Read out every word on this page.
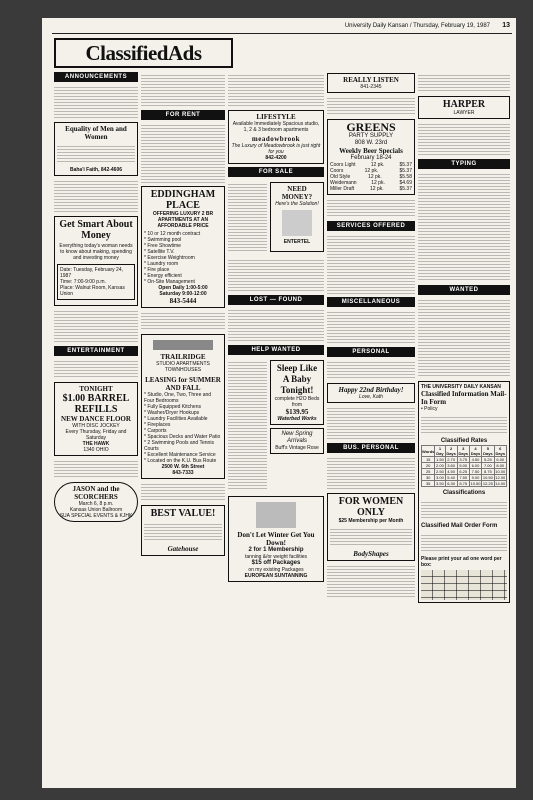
University Daily Kansan / Thursday, February 19, 1987 13
ClassifiedAds
ANNOUNCEMENTS
Equality of Men and Women
Baha'i Faith, 842-4606
Get Smart About Money
Everything today's woman needs to know about making, spending and investing money
Date: Tuesday, February 24, 1987
Time: 7:00-9:00 p.m.
Place: Walnut Room, Kansas Union
ENTERTAINMENT
TONIGHT
$1.00 BARREL REFILLS
NEW DANCE FLOOR
WITH DISC JOCKEY
Every Thursday, Friday and Saturday
THE HAWK
1340 OHIO
JASON and the SCORCHERS
March 6, 8 p.m.
Kansas Union Ballroom
SUA SPECIAL EVENTS & KJHK
FOR RENT
EDDINGHAM PLACE
OFFERING LUXURY 2 BR APARTMENTS AT AN AFFORDABLE PRICE
* 10 or 12 month contract
* Swimming pool
* Free Showtime
* Satellite T.V.
* Exercise Weightroom
* Laundry room
* Fire place
* Energy efficient
* On-Site Management
Open Daily 1:00-5:00
Saturday 9:00-12:00
843-5444
TRAILRIDGE
STUDIO APARTMENTS TOWNHOUSES
LEASING for SUMMER AND FALL
* Studio, One, Two, Three and Four Bedrooms
* Fully Equipped Kitchens
* Washer/Dryer Hookups
* Laundry Facilities Available
* Fireplaces
* Carports
* Spacious Decks and Water Patio
* 2 Swimming Pools and Tennis Courts
* Excellent Maintenance Service
* Located on the K.U. Bus Route
2500 W. 6th Street
843-7333
BEST VALUE!
Gatehouse
LIFESTYLE
Available Immediately Spacious studio, 1, 2 & 3 bedroom apartments
meadowbrook
The Luxury of Meadowbrook is just right for you
842-4200
FOR SALE
NEED MONEY?
Here's the Solution!
ENTERTEL
LOST — FOUND
HELP WANTED
Sleep Like A Baby Tonight!
complete H2O Beds from
$139.95
Waterbed Works
New Spring Arrivals
Buff's Vintage Rose
Don't Let Winter Get You Down!
2 for 1 Membership
tanning &/or weight facilities
$15 off Packages
on my existing Packages
EUROPEAN SUNTANNING
REALLY LISTEN
841-2345
GREENS
PARTY SUPPLY
808 W. 23rd
Weekly Beer Specials
February 18-24
Coors Light	12 pk.	$5.37
Coors	12 pk.	$5.37
Old Style	12 pk.	$5.58
Weidemann	12 pk.	$4.69
Miller Draft	12 pk.	$5.37
SERVICES OFFERED
MISCELLANEOUS
PERSONAL
Happy 22nd Birthday!
Love, Kath
BUS. PERSONAL
FOR WOMEN ONLY
$25 Membership per Month
BodyShapes
HARPER
LAWYER
TYPING
WANTED
THE UNIVERSITY DAILY KANSAN
Classified Information Mail-In Form
• Policy
Classified Rates
Words	1 Day	2 Days	3 Days	4 Days	5 Days	6 Days
15	1.50	2.70	3.75	4.50	5.25	6.00
20	2.00	3.60	5.00	6.00	7.00	8.00
25	2.50	4.50	6.25	7.50	8.75	10.00
30	3.00	5.40	7.50	9.00	10.50	12.00
35	3.50	6.30	8.75	10.50	12.25	14.00
Classifications
Classified Mail Order Form
Please print your ad one word per box:
